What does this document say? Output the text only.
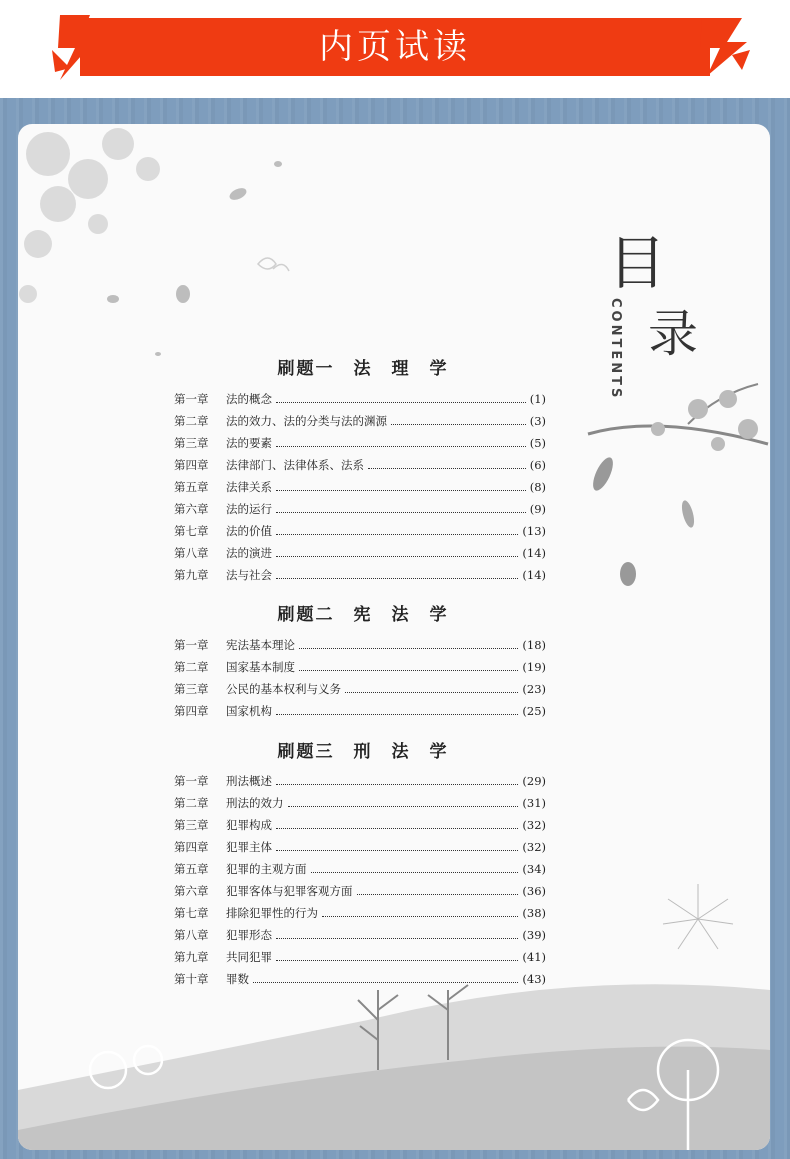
内页试读
目
录
CONTENTS
刷题一　法　理　学
第一章	法的概念	(1)
第二章	法的效力、法的分类与法的渊源	(3)
第三章	法的要素	(5)
第四章	法律部门、法律体系、法系	(6)
第五章	法律关系	(8)
第六章	法的运行	(9)
第七章	法的价值	(13)
第八章	法的演进	(14)
第九章	法与社会	(14)
刷题二　宪　法　学
第一章	宪法基本理论	(18)
第二章	国家基本制度	(19)
第三章	公民的基本权利与义务	(23)
第四章	国家机构	(25)
刷题三　刑　法　学
第一章	刑法概述	(29)
第二章	刑法的效力	(31)
第三章	犯罪构成	(32)
第四章	犯罪主体	(32)
第五章	犯罪的主观方面	(34)
第六章	犯罪客体与犯罪客观方面	(36)
第七章	排除犯罪性的行为	(38)
第八章	犯罪形态	(39)
第九章	共同犯罪	(41)
第十章	罪数	(43)
